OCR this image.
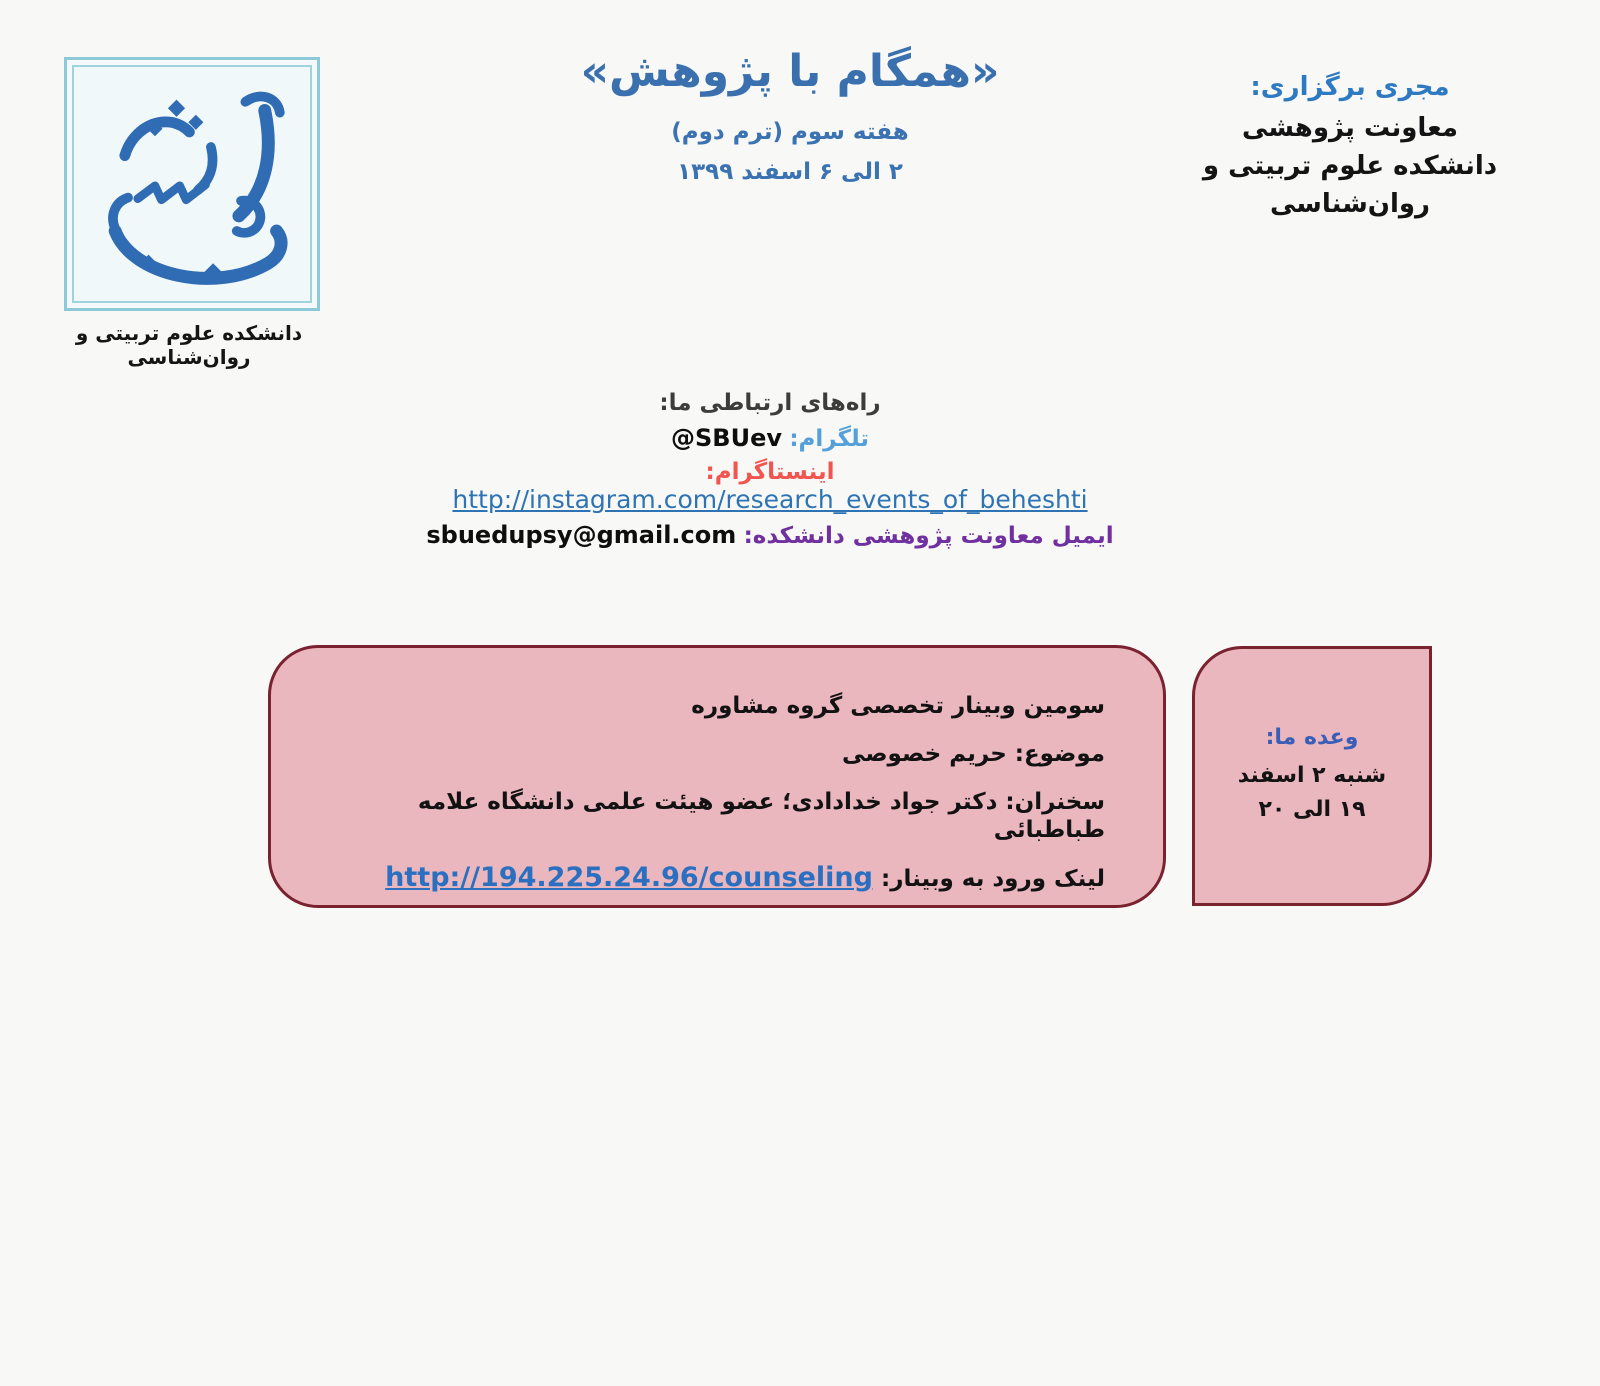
دانشکده علوم تربیتی و روان‌شناسی
«همگام با پژوهش»
هفته سوم (ترم دوم)
۲ الی ۶ اسفند ۱۳۹۹
مجری برگزاری:
معاونت پژوهشی
دانشکده علوم تربیتی و روان‌شناسی
راه‌های ارتباطی ما:
تلگرام: @SBUev
اینستاگرام: http://instagram.com/research_events_of_beheshti
ایمیل معاونت پژوهشی دانشکده: sbuedupsy@gmail.com
سومین وبینار تخصصی گروه مشاوره
موضوع: حریم خصوصی
سخنران: دکتر جواد خدادادی؛ عضو هیئت علمی دانشگاه علامه طباطبائی
لینک ورود به وبینار: http://194.225.24.96/counseling
وعده ما:
شنبه ۲ اسفند
۱۹ الی ۲۰
